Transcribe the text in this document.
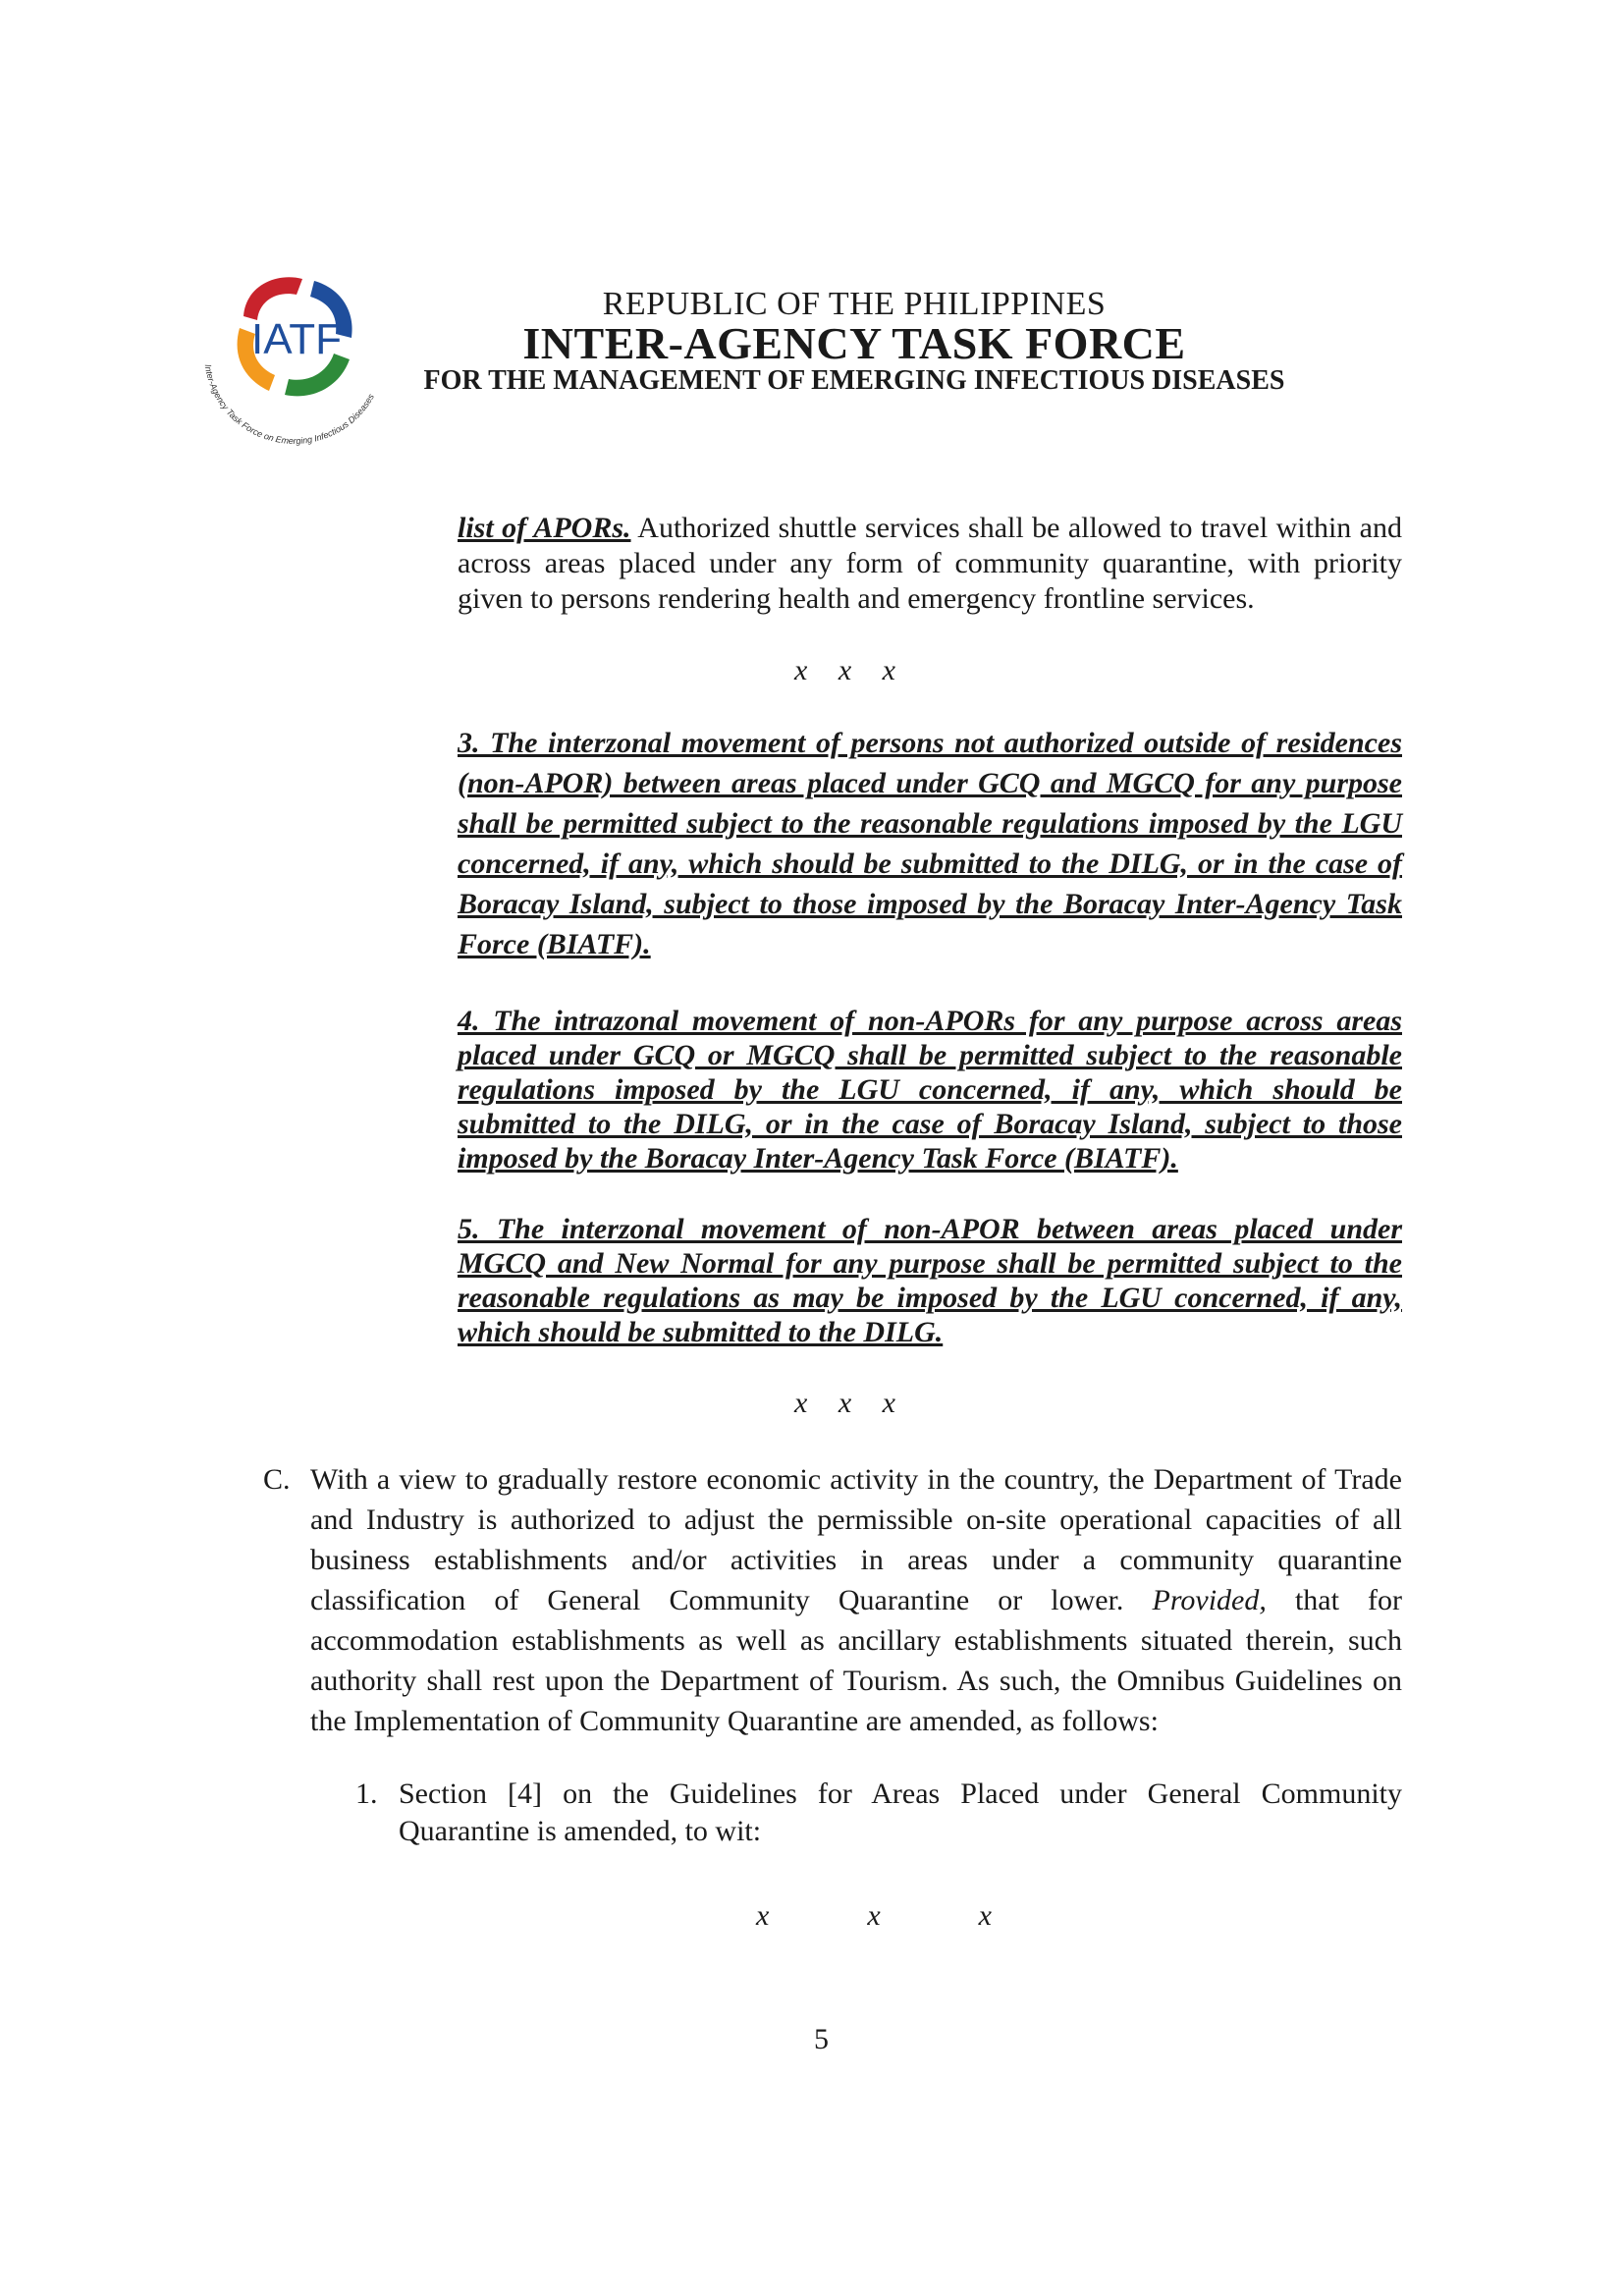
IATF
Inter-Agency Task Force on Emerging Infectious Diseases
REPUBLIC OF THE PHILIPPINES
INTER-AGENCY TASK FORCE
FOR THE MANAGEMENT OF EMERGING INFECTIOUS DISEASES
list of APORs. Authorized shuttle services shall be allowed to travel within and across areas placed under any form of community quarantine, with priority given to persons rendering health and emergency frontline services.
x x x
3. The interzonal movement of persons not authorized outside of residences (non-APOR) between areas placed under GCQ and MGCQ for any purpose shall be permitted subject to the reasonable regulations imposed by the LGU concerned, if any, which should be submitted to the DILG, or in the case of Boracay Island, subject to those imposed by the Boracay Inter-Agency Task Force (BIATF).
4. The intrazonal movement of non-APORs for any purpose across areas placed under GCQ or MGCQ shall be permitted subject to the reasonable regulations imposed by the LGU concerned, if any, which should be submitted to the DILG, or in the case of Boracay Island, subject to those imposed by the Boracay Inter-Agency Task Force (BIATF).
5. The interzonal movement of non-APOR between areas placed under MGCQ and New Normal for any purpose shall be permitted subject to the reasonable regulations as may be imposed by the LGU concerned, if any, which should be submitted to the DILG.
x x x
C. With a view to gradually restore economic activity in the country, the Department of Trade and Industry is authorized to adjust the permissible on-site operational capacities of all business establishments and/or activities in areas under a community quarantine classification of General Community Quarantine or lower. Provided, that for accommodation establishments as well as ancillary establishments situated therein, such authority shall rest upon the Department of Tourism. As such, the Omnibus Guidelines on the Implementation of Community Quarantine are amended, as follows:
1. Section [4] on the Guidelines for Areas Placed under General Community Quarantine is amended, to wit:
x	x	x
5
